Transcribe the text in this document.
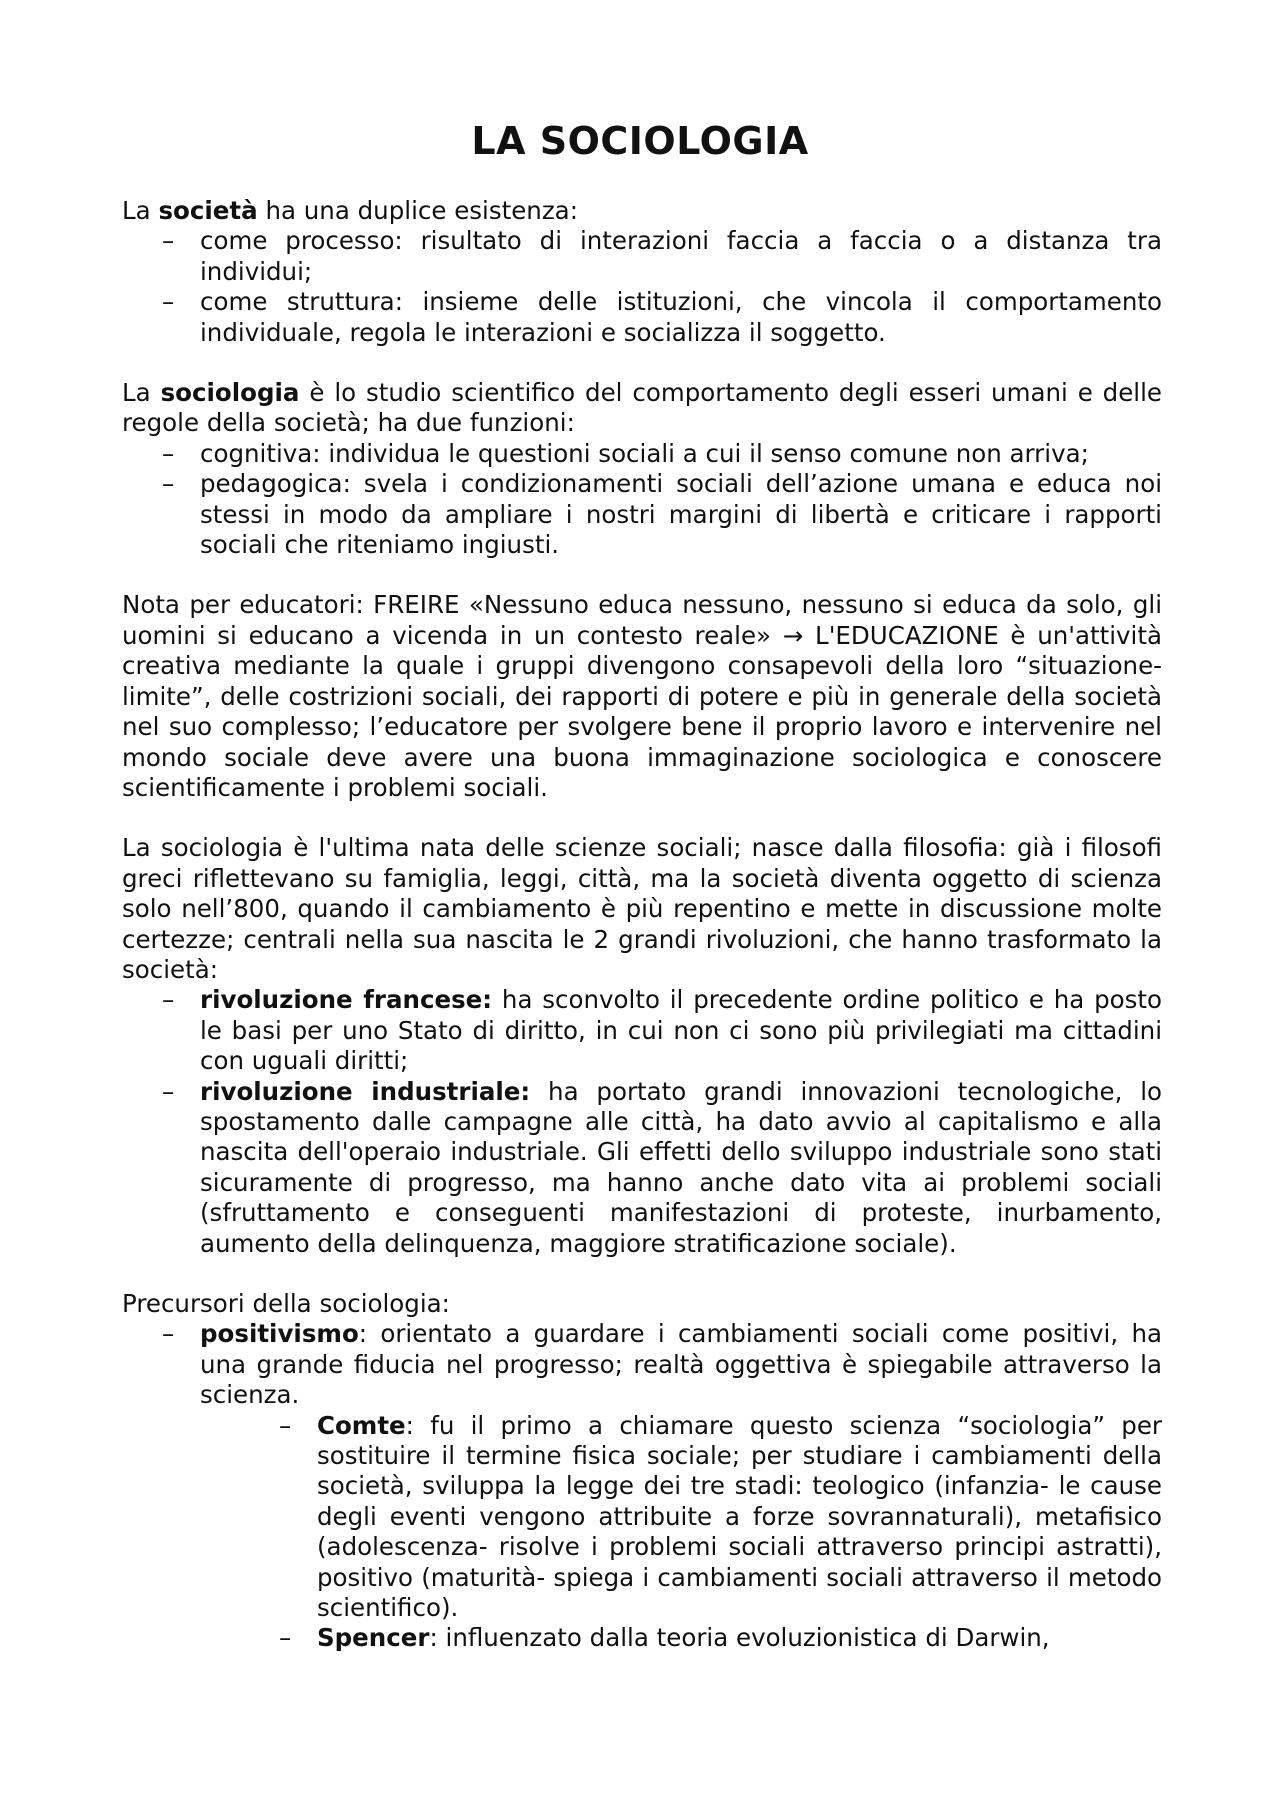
LA SOCIOLOGIA

La società ha una duplice esistenza:

– come processo: risultato di interazioni faccia a faccia o a distanza tra individui;
– come struttura: insieme delle istituzioni, che vincola il comportamento individuale, regola le interazioni e socializza il soggetto.

La sociologia è lo studio scientifico del comportamento degli esseri umani e delle regole della società; ha due funzioni:

– cognitiva: individua le questioni sociali a cui il senso comune non arriva;
– pedagogica: svela i condizionamenti sociali dell’azione umana e educa noi stessi in modo da ampliare i nostri margini di libertà e criticare i rapporti sociali che riteniamo ingiusti.

Nota per educatori: FREIRE «Nessuno educa nessuno, nessuno si educa da solo, gli uomini si educano a vicenda in un contesto reale» → L'EDUCAZIONE è un'attività creativa mediante la quale i gruppi divengono consapevoli della loro “situazione-limite”, delle costrizioni sociali, dei rapporti di potere e più in generale della società nel suo complesso; l’educatore per svolgere bene il proprio lavoro e intervenire nel mondo sociale deve avere una buona immaginazione sociologica e conoscere scientificamente i problemi sociali.

La sociologia è l'ultima nata delle scienze sociali; nasce dalla filosofia: già i filosofi greci riflettevano su famiglia, leggi, città, ma la società diventa oggetto di scienza solo nell’800, quando il cambiamento è più repentino e mette in discussione molte certezze; centrali nella sua nascita le 2 grandi rivoluzioni, che hanno trasformato la società:

– rivoluzione francese: ha sconvolto il precedente ordine politico e ha posto le basi per uno Stato di diritto, in cui non ci sono più privilegiati ma cittadini con uguali diritti;
– rivoluzione industriale: ha portato grandi innovazioni tecnologiche, lo spostamento dalle campagne alle città, ha dato avvio al capitalismo e alla nascita dell'operaio industriale. Gli effetti dello sviluppo industriale sono stati sicuramente di progresso, ma hanno anche dato vita ai problemi sociali (sfruttamento e conseguenti manifestazioni di proteste, inurbamento, aumento della delinquenza, maggiore stratificazione sociale).

Precursori della sociologia:

– positivismo: orientato a guardare i cambiamenti sociali come positivi, ha una grande fiducia nel progresso; realtà oggettiva è spiegabile attraverso la scienza.
– Comte: fu il primo a chiamare questo scienza “sociologia” per sostituire il termine fisica sociale; per studiare i cambiamenti della società, sviluppa la legge dei tre stadi: teologico (infanzia- le cause degli eventi vengono attribuite a forze sovrannaturali), metafisico (adolescenza- risolve i problemi sociali attraverso principi astratti), positivo (maturità- spiega i cambiamenti sociali attraverso il metodo scientifico).
– Spencer: influenzato dalla teoria evoluzionistica di Darwin,
